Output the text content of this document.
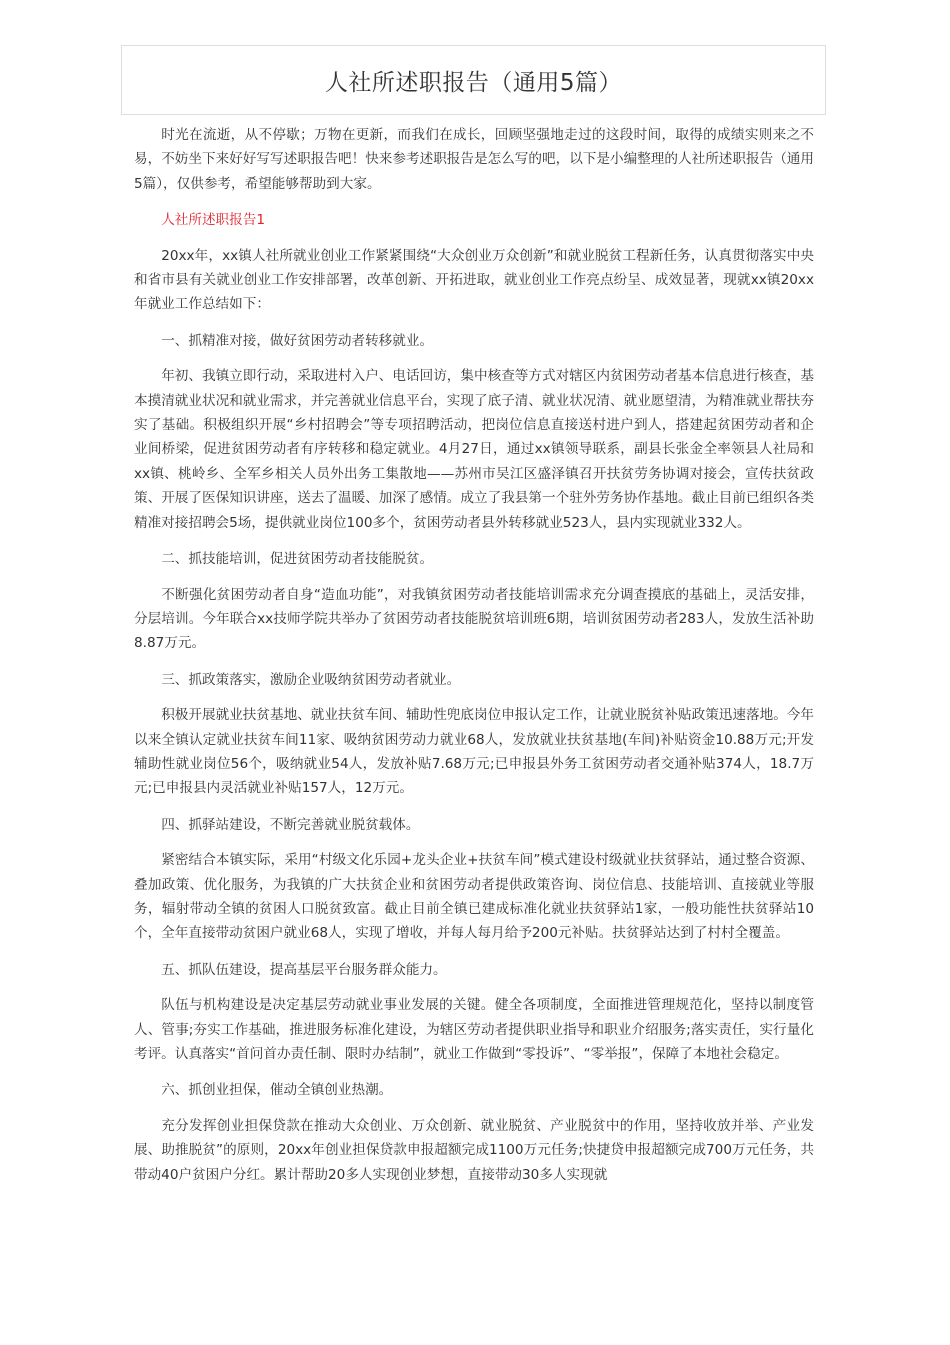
人社所述职报告（通用5篇）

时光在流逝，从不停歇；万物在更新，而我们在成长，回顾坚强地走过的这段时间，取得的成绩实则来之不易，不妨坐下来好好写写述职报告吧！快来参考述职报告是怎么写的吧，以下是小编整理的人社所述职报告（通用5篇），仅供参考，希望能够帮助到大家。

人社所述职报告1

20xx年，xx镇人社所就业创业工作紧紧围绕“大众创业万众创新”和就业脱贫工程新任务，认真贯彻落实中央和省市县有关就业创业工作安排部署，改革创新、开拓进取，就业创业工作亮点纷呈、成效显著，现就xx镇20xx年就业工作总结如下：

一、抓精准对接，做好贫困劳动者转移就业。

年初、我镇立即行动，采取进村入户、电话回访，集中核查等方式对辖区内贫困劳动者基本信息进行核查，基本摸清就业状况和就业需求，并完善就业信息平台，实现了底子清、就业状况清、就业愿望清，为精准就业帮扶夯实了基础。积极组织开展“乡村招聘会”等专项招聘活动，把岗位信息直接送村进户到人，搭建起贫困劳动者和企业间桥梁，促进贫困劳动者有序转移和稳定就业。4月27日，通过xx镇领导联系，副县长张金全率领县人社局和xx镇、桃岭乡、全军乡相关人员外出务工集散地——苏州市吴江区盛泽镇召开扶贫劳务协调对接会，宣传扶贫政策、开展了医保知识讲座，送去了温暖、加深了感情。成立了我县第一个驻外劳务协作基地。截止目前已组织各类精准对接招聘会5场，提供就业岗位100多个，贫困劳动者县外转移就业523人，县内实现就业332人。

二、抓技能培训，促进贫困劳动者技能脱贫。

不断强化贫困劳动者自身“造血功能”，对我镇贫困劳动者技能培训需求充分调查摸底的基础上，灵活安排，分层培训。今年联合xx技师学院共举办了贫困劳动者技能脱贫培训班6期，培训贫困劳动者283人，发放生活补助8.87万元。

三、抓政策落实，激励企业吸纳贫困劳动者就业。

积极开展就业扶贫基地、就业扶贫车间、辅助性兜底岗位申报认定工作，让就业脱贫补贴政策迅速落地。今年以来全镇认定就业扶贫车间11家、吸纳贫困劳动力就业68人，发放就业扶贫基地(车间)补贴资金10.88万元;开发辅助性就业岗位56个，吸纳就业54人，发放补贴7.68万元;已申报县外务工贫困劳动者交通补贴374人，18.7万元;已申报县内灵活就业补贴157人，12万元。

四、抓驿站建设，不断完善就业脱贫载体。

紧密结合本镇实际，采用“村级文化乐园+龙头企业+扶贫车间”模式建设村级就业扶贫驿站，通过整合资源、叠加政策、优化服务，为我镇的广大扶贫企业和贫困劳动者提供政策咨询、岗位信息、技能培训、直接就业等服务，辐射带动全镇的贫困人口脱贫致富。截止目前全镇已建成标准化就业扶贫驿站1家，一般功能性扶贫驿站10个，全年直接带动贫困户就业68人，实现了增收，并每人每月给予200元补贴。扶贫驿站达到了村村全覆盖。

五、抓队伍建设，提高基层平台服务群众能力。

队伍与机构建设是决定基层劳动就业事业发展的关键。健全各项制度，全面推进管理规范化，坚持以制度管人、管事;夯实工作基础，推进服务标准化建设，为辖区劳动者提供职业指导和职业介绍服务;落实责任，实行量化考评。认真落实“首问首办责任制、限时办结制”，就业工作做到“零投诉”、“零举报”，保障了本地社会稳定。

六、抓创业担保，催动全镇创业热潮。

充分发挥创业担保贷款在推动大众创业、万众创新、就业脱贫、产业脱贫中的作用，坚持收放并举、产业发展、助推脱贫”的原则，20xx年创业担保贷款申报超额完成1100万元任务;快捷贷申报超额完成700万元任务，共带动40户贫困户分红。累计帮助20多人实现创业梦想，直接带动30多人实现就
